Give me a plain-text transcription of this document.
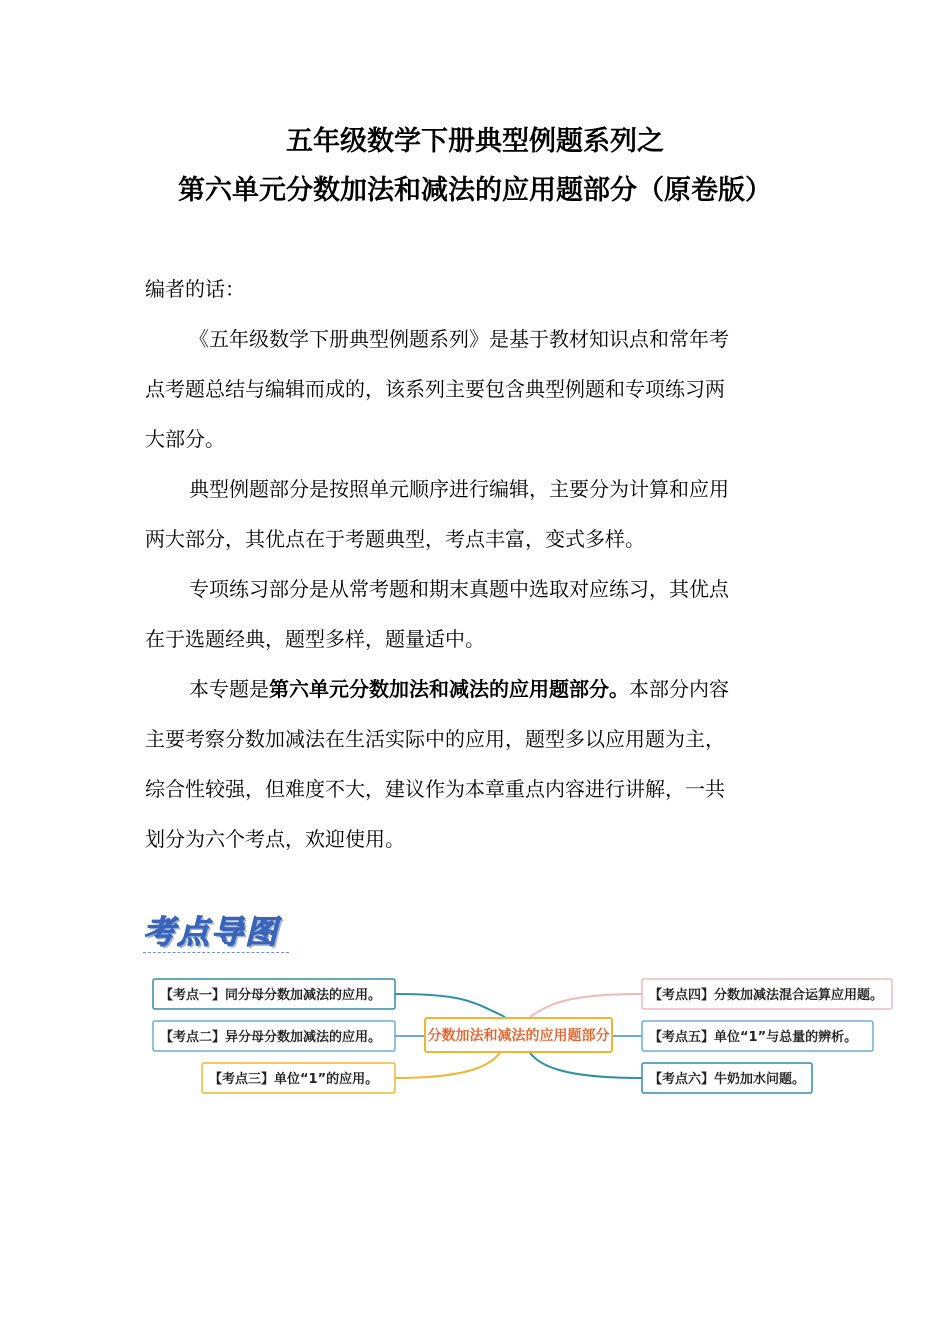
五年级数学下册典型例题系列之
第六单元分数加法和减法的应用题部分（原卷版）
编者的话：
《五年级数学下册典型例题系列》是基于教材知识点和常年考
点考题总结与编辑而成的，该系列主要包含典型例题和专项练习两
大部分。
典型例题部分是按照单元顺序进行编辑，主要分为计算和应用
两大部分，其优点在于考题典型，考点丰富，变式多样。
专项练习部分是从常考题和期末真题中选取对应练习，其优点
在于选题经典，题型多样，题量适中。
本专题是第六单元分数加法和减法的应用题部分。本部分内容
主要考察分数加减法在生活实际中的应用，题型多以应用题为主，
综合性较强，但难度不大，建议作为本章重点内容进行讲解，一共
划分为六个考点，欢迎使用。
考点导图
分数加法和减法的应用题部分
【考点一】同分母分数加减法的应用。
【考点二】异分母分数加减法的应用。
【考点三】单位“1”的应用。
【考点四】分数加减法混合运算应用题。
【考点五】单位“1”与总量的辨析。
【考点六】牛奶加水问题。
